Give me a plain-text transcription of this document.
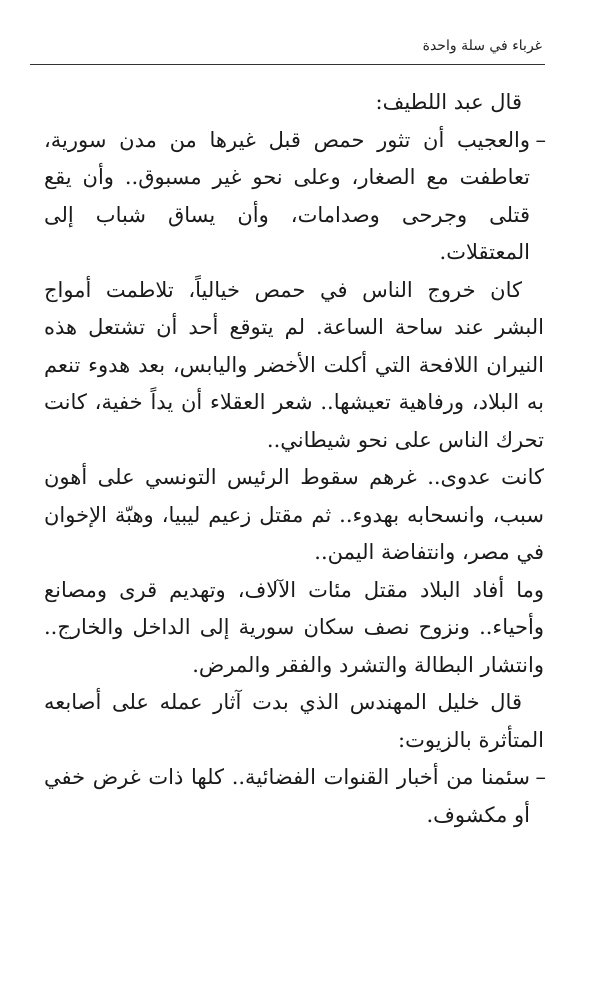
غرباء في سلة واحدة

قال عبد اللطيف:

–
والعجيب أن تثور حمص قبل غيرها من مدن سورية، تعاطفت مع الصغار، وعلى نحو غير مسبوق.. وأن يقع قتلى وجرحى وصدامات، وأن يساق شباب إلى المعتقلات.

كان خروج الناس في حمص خيالياً، تلاطمت أمواج البشر عند ساحة الساعة. لم يتوقع أحد أن تشتعل هذه النيران اللافحة التي أكلت الأخضر واليابس، بعد هدوء تنعم به البلاد، ورفاهية تعيشها.. شعر العقلاء أن يداً خفية، كانت تحرك الناس على نحو شيطاني..

كانت عدوى.. غرهم سقوط الرئيس التونسي على أهون سبب، وانسحابه بهدوء.. ثم مقتل زعيم ليبيا، وهبّة الإخوان في مصر، وانتفاضة اليمن..

وما أفاد البلاد مقتل مئات الآلاف، وتهديم قرى ومصانع وأحياء.. ونزوح نصف سكان سورية إلى الداخل والخارج.. وانتشار البطالة والتشرد والفقر والمرض.

قال خليل المهندس الذي بدت آثار عمله على أصابعه المتأثرة بالزيوت:

–
سئمنا من أخبار القنوات الفضائية.. كلها ذات غرض خفي أو مكشوف.
